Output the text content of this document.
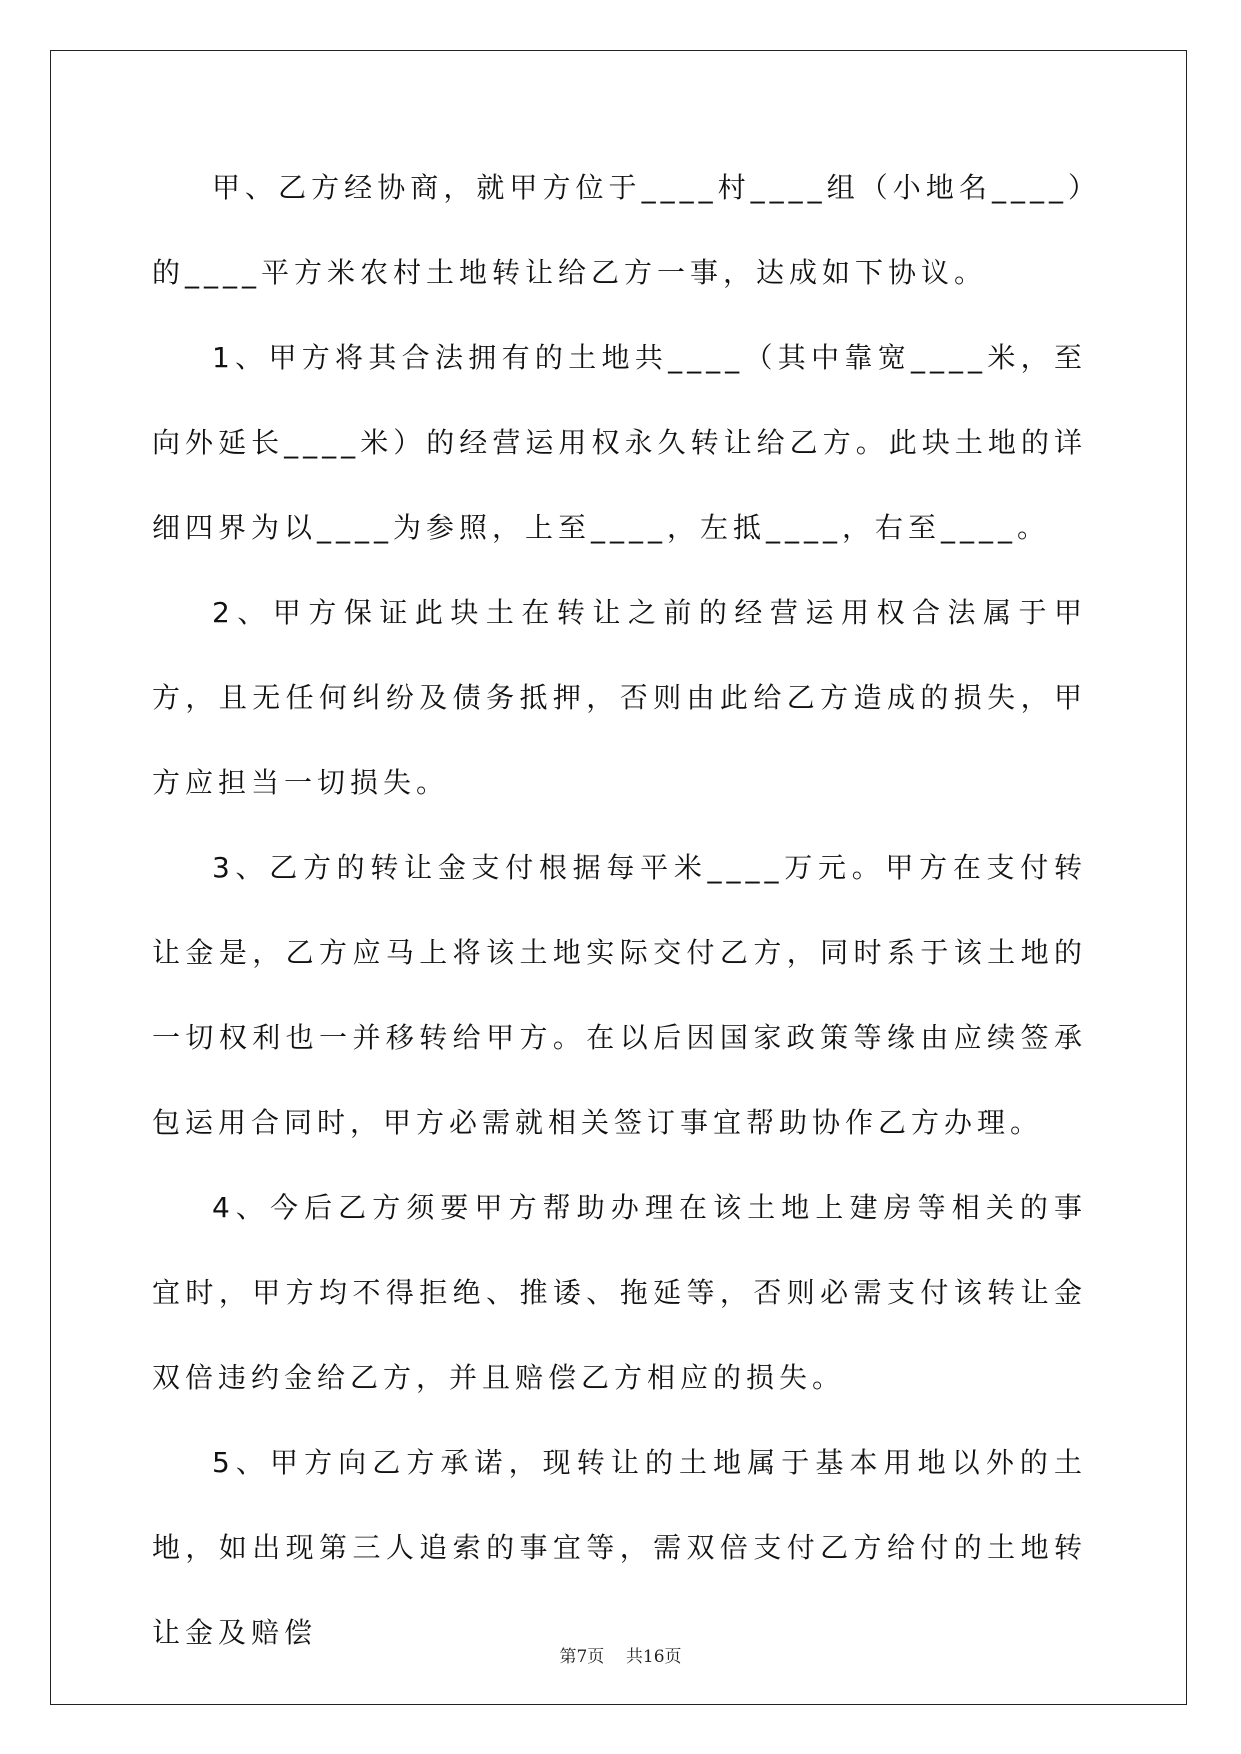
甲、乙方经协商，就甲方位于____村____组（小地名____）的____平方米农村土地转让给乙方一事，达成如下协议。

1、甲方将其合法拥有的土地共____（其中靠宽____米，至向外延长____米）的经营运用权永久转让给乙方。此块土地的详细四界为以____为参照，上至____，左抵____，右至____。

2、甲方保证此块土在转让之前的经营运用权合法属于甲方，且无任何纠纷及债务抵押，否则由此给乙方造成的损失，甲方应担当一切损失。

3、乙方的转让金支付根据每平米____万元。甲方在支付转让金是，乙方应马上将该土地实际交付乙方，同时系于该土地的一切权利也一并移转给甲方。在以后因国家政策等缘由应续签承包运用合同时，甲方必需就相关签订事宜帮助协作乙方办理。

4、今后乙方须要甲方帮助办理在该土地上建房等相关的事宜时，甲方均不得拒绝、推诿、拖延等，否则必需支付该转让金双倍违约金给乙方，并且赔偿乙方相应的损失。

5、甲方向乙方承诺，现转让的土地属于基本用地以外的土地，如出现第三人追索的事宜等，需双倍支付乙方给付的土地转让金及赔偿

第7页    共16页
